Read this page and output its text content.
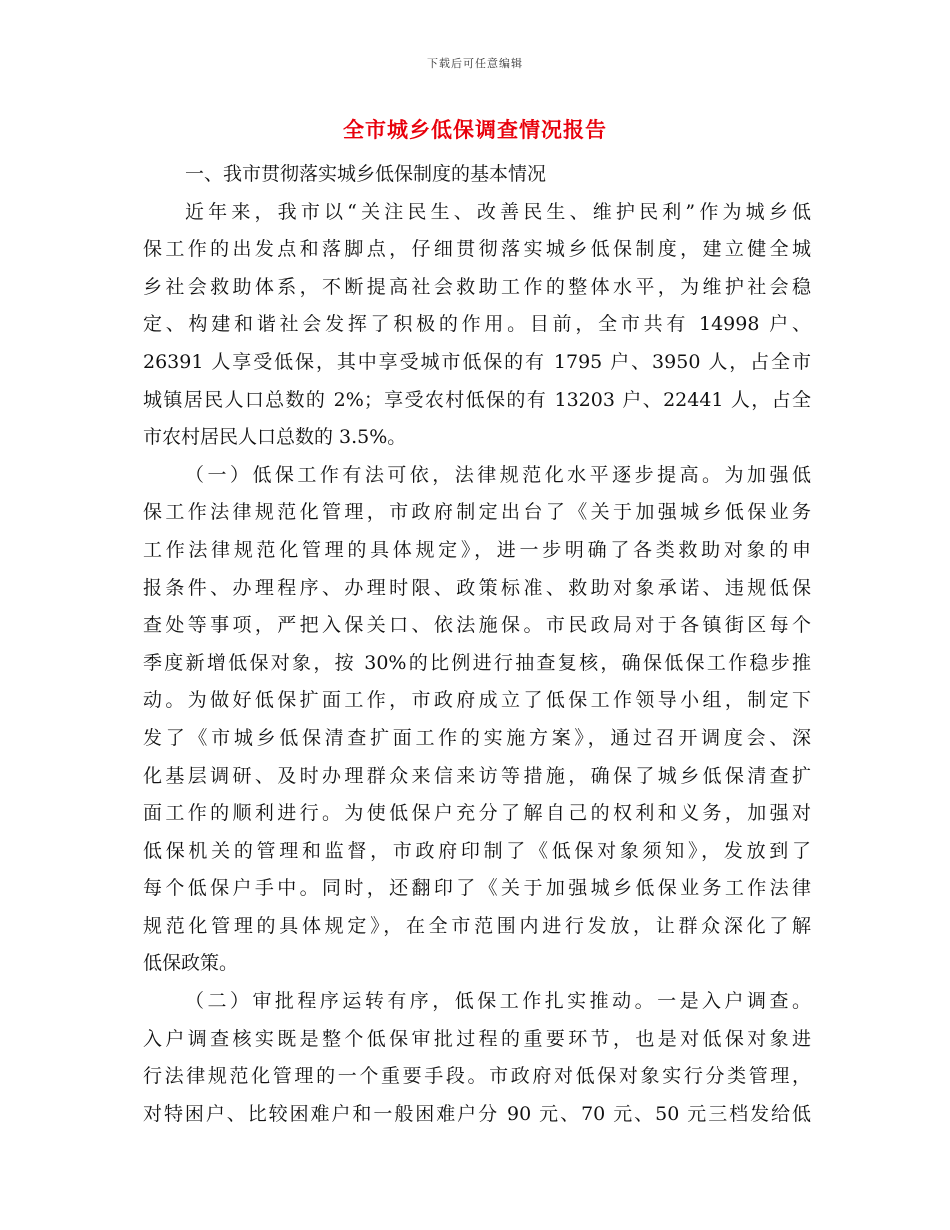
下载后可任意编辑
全市城乡低保调查情况报告
一、我市贯彻落实城乡低保制度的基本情况
近年来，我市以“关注民生、改善民生、维护民利”作为城乡低
保工作的出发点和落脚点，仔细贯彻落实城乡低保制度，建立健全城
乡社会救助体系，不断提高社会救助工作的整体水平，为维护社会稳
定、构建和谐社会发挥了积极的作用。目前，全市共有 14998 户、
26391 人享受低保，其中享受城市低保的有 1795 户、3950 人，占全市
城镇居民人口总数的 2%；享受农村低保的有 13203 户、22441 人，占全
市农村居民人口总数的 3.5%。
（一）低保工作有法可依，法律规范化水平逐步提高。为加强低
保工作法律规范化管理，市政府制定出台了《关于加强城乡低保业务
工作法律规范化管理的具体规定》，进一步明确了各类救助对象的申
报条件、办理程序、办理时限、政策标准、救助对象承诺、违规低保
查处等事项，严把入保关口、依法施保。市民政局对于各镇街区每个
季度新增低保对象，按 30%的比例进行抽查复核，确保低保工作稳步推
动。为做好低保扩面工作，市政府成立了低保工作领导小组，制定下
发了《市城乡低保清查扩面工作的实施方案》，通过召开调度会、深
化基层调研、及时办理群众来信来访等措施，确保了城乡低保清查扩
面工作的顺利进行。为使低保户充分了解自己的权利和义务，加强对
低保机关的管理和监督，市政府印制了《低保对象须知》，发放到了
每个低保户手中。同时，还翻印了《关于加强城乡低保业务工作法律
规范化管理的具体规定》，在全市范围内进行发放，让群众深化了解
低保政策。
（二）审批程序运转有序，低保工作扎实推动。一是入户调查。
入户调查核实既是整个低保审批过程的重要环节，也是对低保对象进
行法律规范化管理的一个重要手段。市政府对低保对象实行分类管理，
对特困户、比较困难户和一般困难户分 90 元、70 元、50 元三档发给低
